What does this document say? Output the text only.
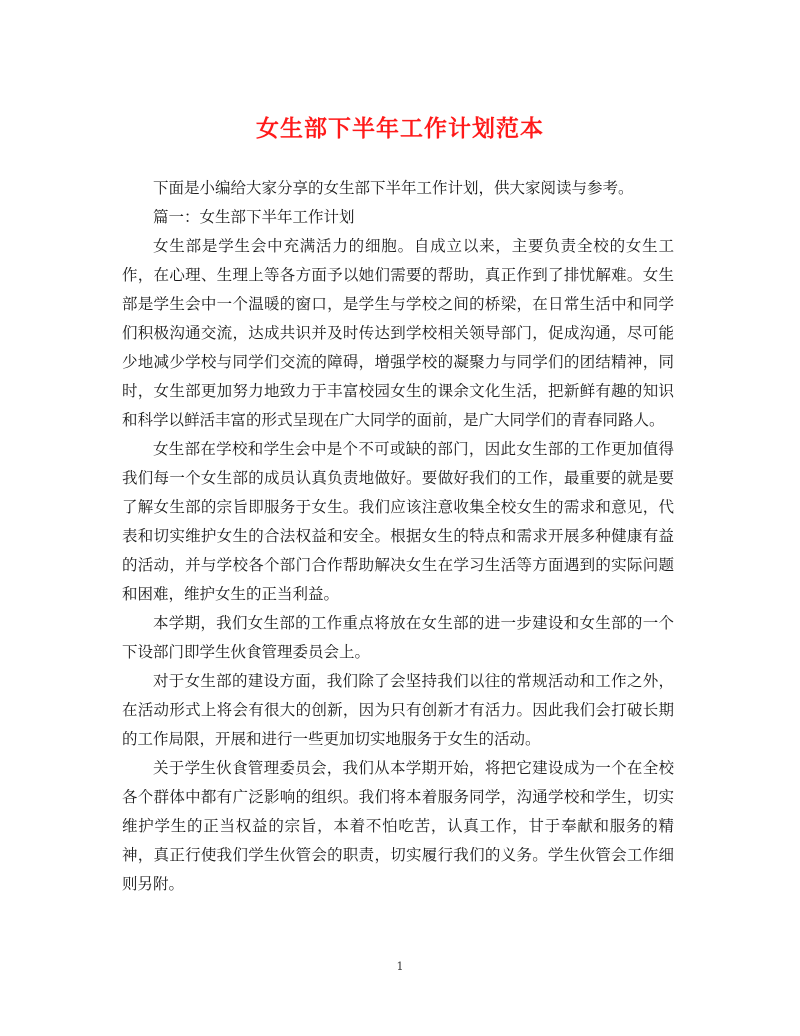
女生部下半年工作计划范本

下面是小编给大家分享的女生部下半年工作计划，供大家阅读与参考。

篇一：女生部下半年工作计划

女生部是学生会中充满活力的细胞。自成立以来，主要负责全校的女生工作，在心理、生理上等各方面予以她们需要的帮助，真正作到了排忧解难。女生部是学生会中一个温暖的窗口，是学生与学校之间的桥梁，在日常生活中和同学们积极沟通交流，达成共识并及时传达到学校相关领导部门，促成沟通，尽可能少地减少学校与同学们交流的障碍，增强学校的凝聚力与同学们的团结精神，同时，女生部更加努力地致力于丰富校园女生的课余文化生活，把新鲜有趣的知识和科学以鲜活丰富的形式呈现在广大同学的面前，是广大同学们的青春同路人。

女生部在学校和学生会中是个不可或缺的部门，因此女生部的工作更加值得我们每一个女生部的成员认真负责地做好。要做好我们的工作，最重要的就是要了解女生部的宗旨即服务于女生。我们应该注意收集全校女生的需求和意见，代表和切实维护女生的合法权益和安全。根据女生的特点和需求开展多种健康有益的活动，并与学校各个部门合作帮助解决女生在学习生活等方面遇到的实际问题和困难，维护女生的正当利益。

本学期，我们女生部的工作重点将放在女生部的进一步建设和女生部的一个下设部门即学生伙食管理委员会上。

对于女生部的建设方面，我们除了会坚持我们以往的常规活动和工作之外，在活动形式上将会有很大的创新，因为只有创新才有活力。因此我们会打破长期的工作局限，开展和进行一些更加切实地服务于女生的活动。

关于学生伙食管理委员会，我们从本学期开始，将把它建设成为一个在全校各个群体中都有广泛影响的组织。我们将本着服务同学，沟通学校和学生，切实维护学生的正当权益的宗旨，本着不怕吃苦，认真工作，甘于奉献和服务的精神，真正行使我们学生伙管会的职责，切实履行我们的义务。学生伙管会工作细则另附。

1
